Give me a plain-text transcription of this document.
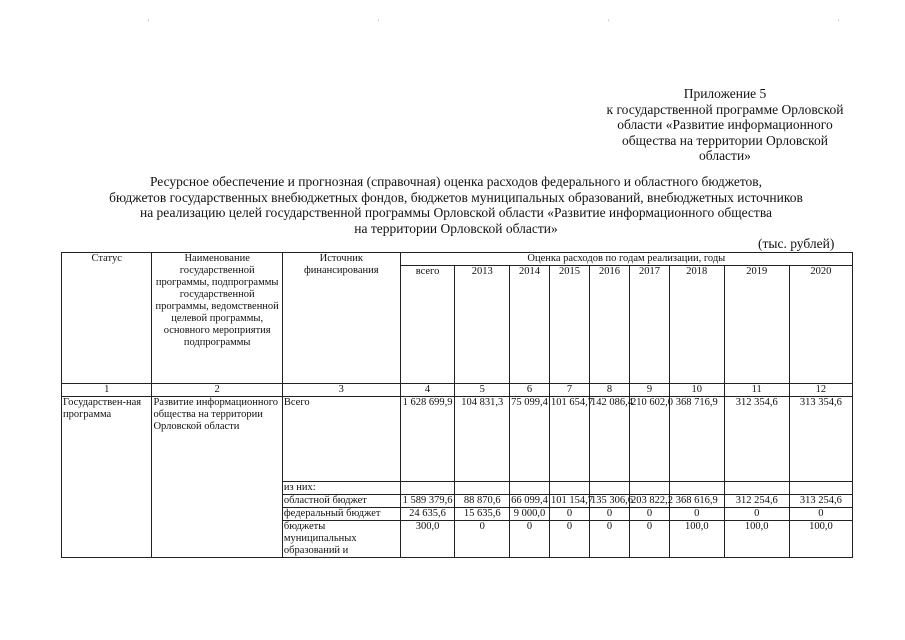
'	'	'	'
Приложение 5
к государственной программе Орловской
области «Развитие информационного
общества на территории Орловской
области»
Ресурсное обеспечение и прогнозная (справочная) оценка расходов федерального и областного бюджетов,
бюджетов государственных внебюджетных фондов, бюджетов муниципальных образований, внебюджетных источников
на реализацию целей государственной программы Орловской области «Развитие информационного общества
на территории Орловской области»
(тыс. рублей)
Статус	Наименование государственной программы, подпрограммы государственной программы, ведомственной целевой программы, основного мероприятия подпрограммы	Источник финансирования	Оценка расходов по годам реализации, годы								
			всего	2013	2014	2015	2016	2017	2018	2019	2020
1	2	3	4	5	6	7	8	9	10	11	12
Государствен-ная программа	Развитие информационного общества на территории Орловской области	Всего	1 628 699,9	104 831,3	75 099,4	101 654,7	142 086,4	210 602,0	368 716,9	312 354,6	313 354,6
		из них:									
		областной бюджет	1 589 379,6	88 870,6	66 099,4	101 154,7	135 306,6	203 822,2	368 616,9	312 254,6	313 254,6
		федеральный бюджет	24 635,6	15 635,6	9 000,0	0	0	0	0	0	0
		бюджеты муниципальных образований и	300,0	0	0	0	0	0	100,0	100,0	100,0
